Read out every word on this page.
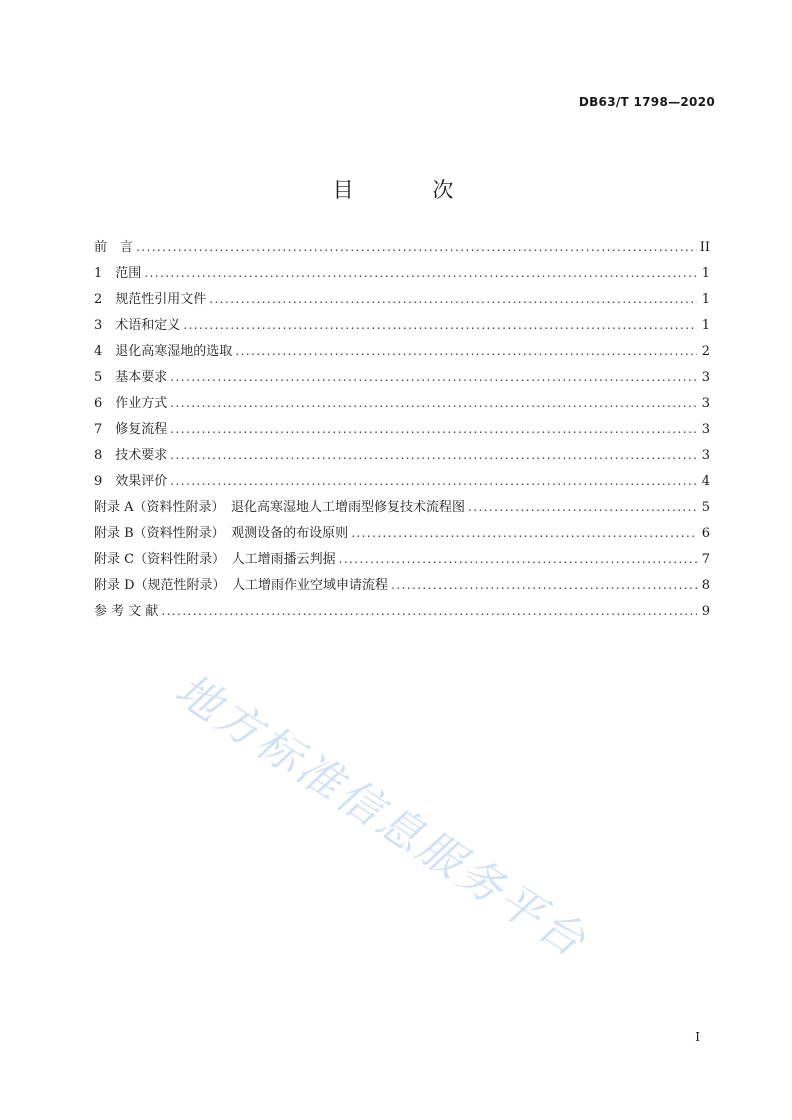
DB63/T 1798—2020
目 次
前　言 . . .	II
1　范围 . . .	1
2　规范性引用文件 . . .	1
3　术语和定义 . . .	1
4　退化高寒湿地的选取 . . .	2
5　基本要求 . . .	3
6　作业方式 . . .	3
7　修复流程 . . .	3
8　技术要求 . . .	3
9　效果评价 . . .	4
附录 A（资料性附录）　退化高寒湿地人工增雨型修复技术流程图 . . .	5
附录 B（资料性附录）　观测设备的布设原则 . . .	6
附录 C（资料性附录）　人工增雨播云判据 . . .	7
附录 D（规范性附录）　人工增雨作业空域申请流程 . . .	8
参 考 文 献 . . .	9
地方标准信息服务平台
I
